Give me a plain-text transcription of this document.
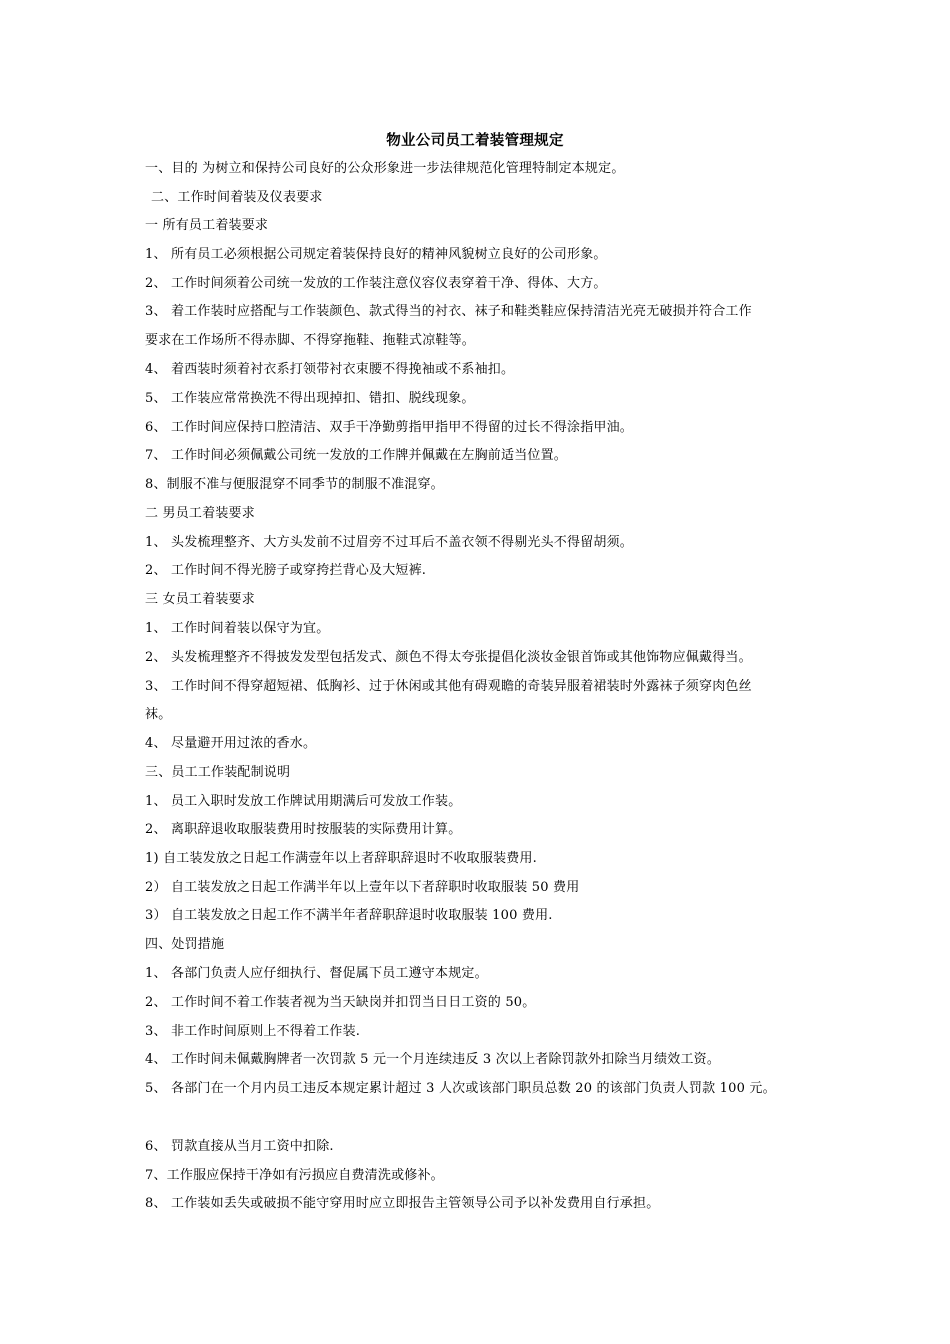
物业公司员工着装管理规定
一、目的 为树立和保持公司良好的公众形象进一步法律规范化管理特制定本规定。
二、工作时间着装及仪表要求
一 所有员工着装要求
1、 所有员工必须根据公司规定着装保持良好的精神风貌树立良好的公司形象。
2、 工作时间须着公司统一发放的工作装注意仪容仪表穿着干净、得体、大方。
3、 着工作装时应搭配与工作装颜色、款式得当的衬衣、袜子和鞋类鞋应保持清洁光亮无破损并符合工作
要求在工作场所不得赤脚、不得穿拖鞋、拖鞋式凉鞋等。
4、 着西装时须着衬衣系打领带衬衣束腰不得挽袖或不系袖扣。
5、 工作装应常常换洗不得出现掉扣、错扣、脱线现象。
6、 工作时间应保持口腔清洁、双手干净勤剪指甲指甲不得留的过长不得涂指甲油。
7、 工作时间必须佩戴公司统一发放的工作牌并佩戴在左胸前适当位置。
8、制服不准与便服混穿不同季节的制服不准混穿。
二 男员工着装要求
1、 头发梳理整齐、大方头发前不过眉旁不过耳后不盖衣领不得剔光头不得留胡须。
2、 工作时间不得光膀子或穿挎拦背心及大短裤.
三 女员工着装要求
1、 工作时间着装以保守为宜。
2、 头发梳理整齐不得披发发型包括发式、颜色不得太夸张提倡化淡妆金银首饰或其他饰物应佩戴得当。
3、 工作时间不得穿超短裙、低胸衫、过于休闲或其他有碍观瞻的奇装异服着裙装时外露袜子须穿肉色丝
袜。
4、 尽量避开用过浓的香水。
三、员工工作装配制说明
1、 员工入职时发放工作牌试用期满后可发放工作装。
2、 离职辞退收取服装费用时按服装的实际费用计算。
1) 自工装发放之日起工作满壹年以上者辞职辞退时不收取服装费用.
2） 自工装发放之日起工作满半年以上壹年以下者辞职时收取服装 50 费用
3） 自工装发放之日起工作不满半年者辞职辞退时收取服装 100 费用.
四、处罚措施
1、 各部门负责人应仔细执行、督促属下员工遵守本规定。
2、 工作时间不着工作装者视为当天缺岗并扣罚当日日工资的 50。
3、 非工作时间原则上不得着工作装.
4、 工作时间未佩戴胸牌者一次罚款 5 元一个月连续违反 3 次以上者除罚款外扣除当月绩效工资。
5、 各部门在一个月内员工违反本规定累计超过 3 人次或该部门职员总数 20 的该部门负责人罚款 100 元。
6、 罚款直接从当月工资中扣除.
7、工作服应保持干净如有污损应自费清洗或修补。
8、 工作装如丢失或破损不能守穿用时应立即报告主管领导公司予以补发费用自行承担。
